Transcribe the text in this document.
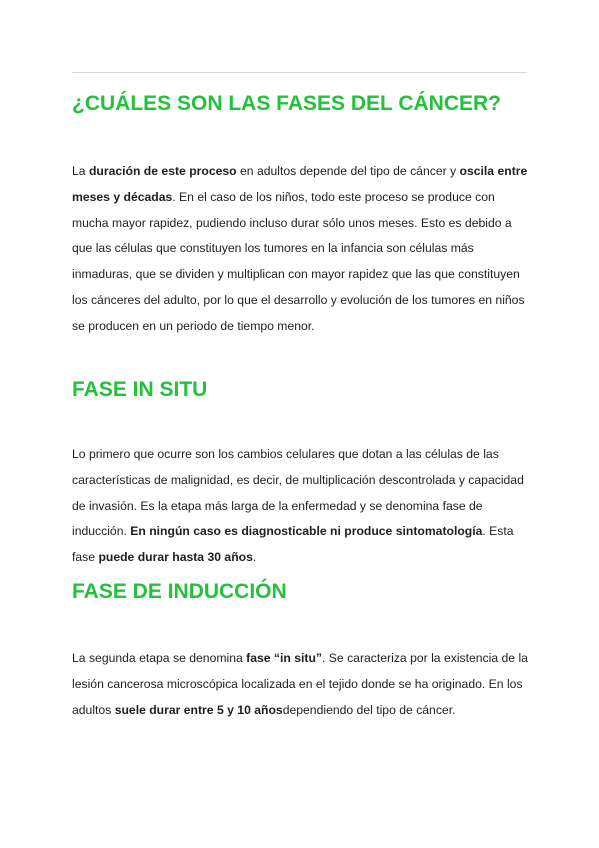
¿CUÁLES SON LAS FASES DEL CÁNCER?

La duración de este proceso en adultos depende del tipo de cáncer y oscila entre
meses y décadas. En el caso de los niños, todo este proceso se produce con
mucha mayor rapidez, pudiendo incluso durar sólo unos meses. Esto es debido a
que las células que constituyen los tumores en la infancia son células más
inmaduras, que se dividen y multiplican con mayor rapidez que las que constituyen
los cánceres del adulto, por lo que el desarrollo y evolución de los tumores en niños
se producen en un periodo de tiempo menor.

FASE IN SITU

Lo primero que ocurre son los cambios celulares que dotan a las células de las
características de malignidad, es decir, de multiplicación descontrolada y capacidad
de invasión. Es la etapa más larga de la enfermedad y se denomina fase de
inducción. En ningún caso es diagnosticable ni produce sintomatología. Esta
fase puede durar hasta 30 años.

FASE DE INDUCCIÓN

La segunda etapa se denomina fase “in situ”. Se caracteriza por la existencia de la
lesión cancerosa microscópica localizada en el tejido donde se ha originado. En los
adultos suele durar entre 5 y 10 añosdependiendo del tipo de cáncer.
